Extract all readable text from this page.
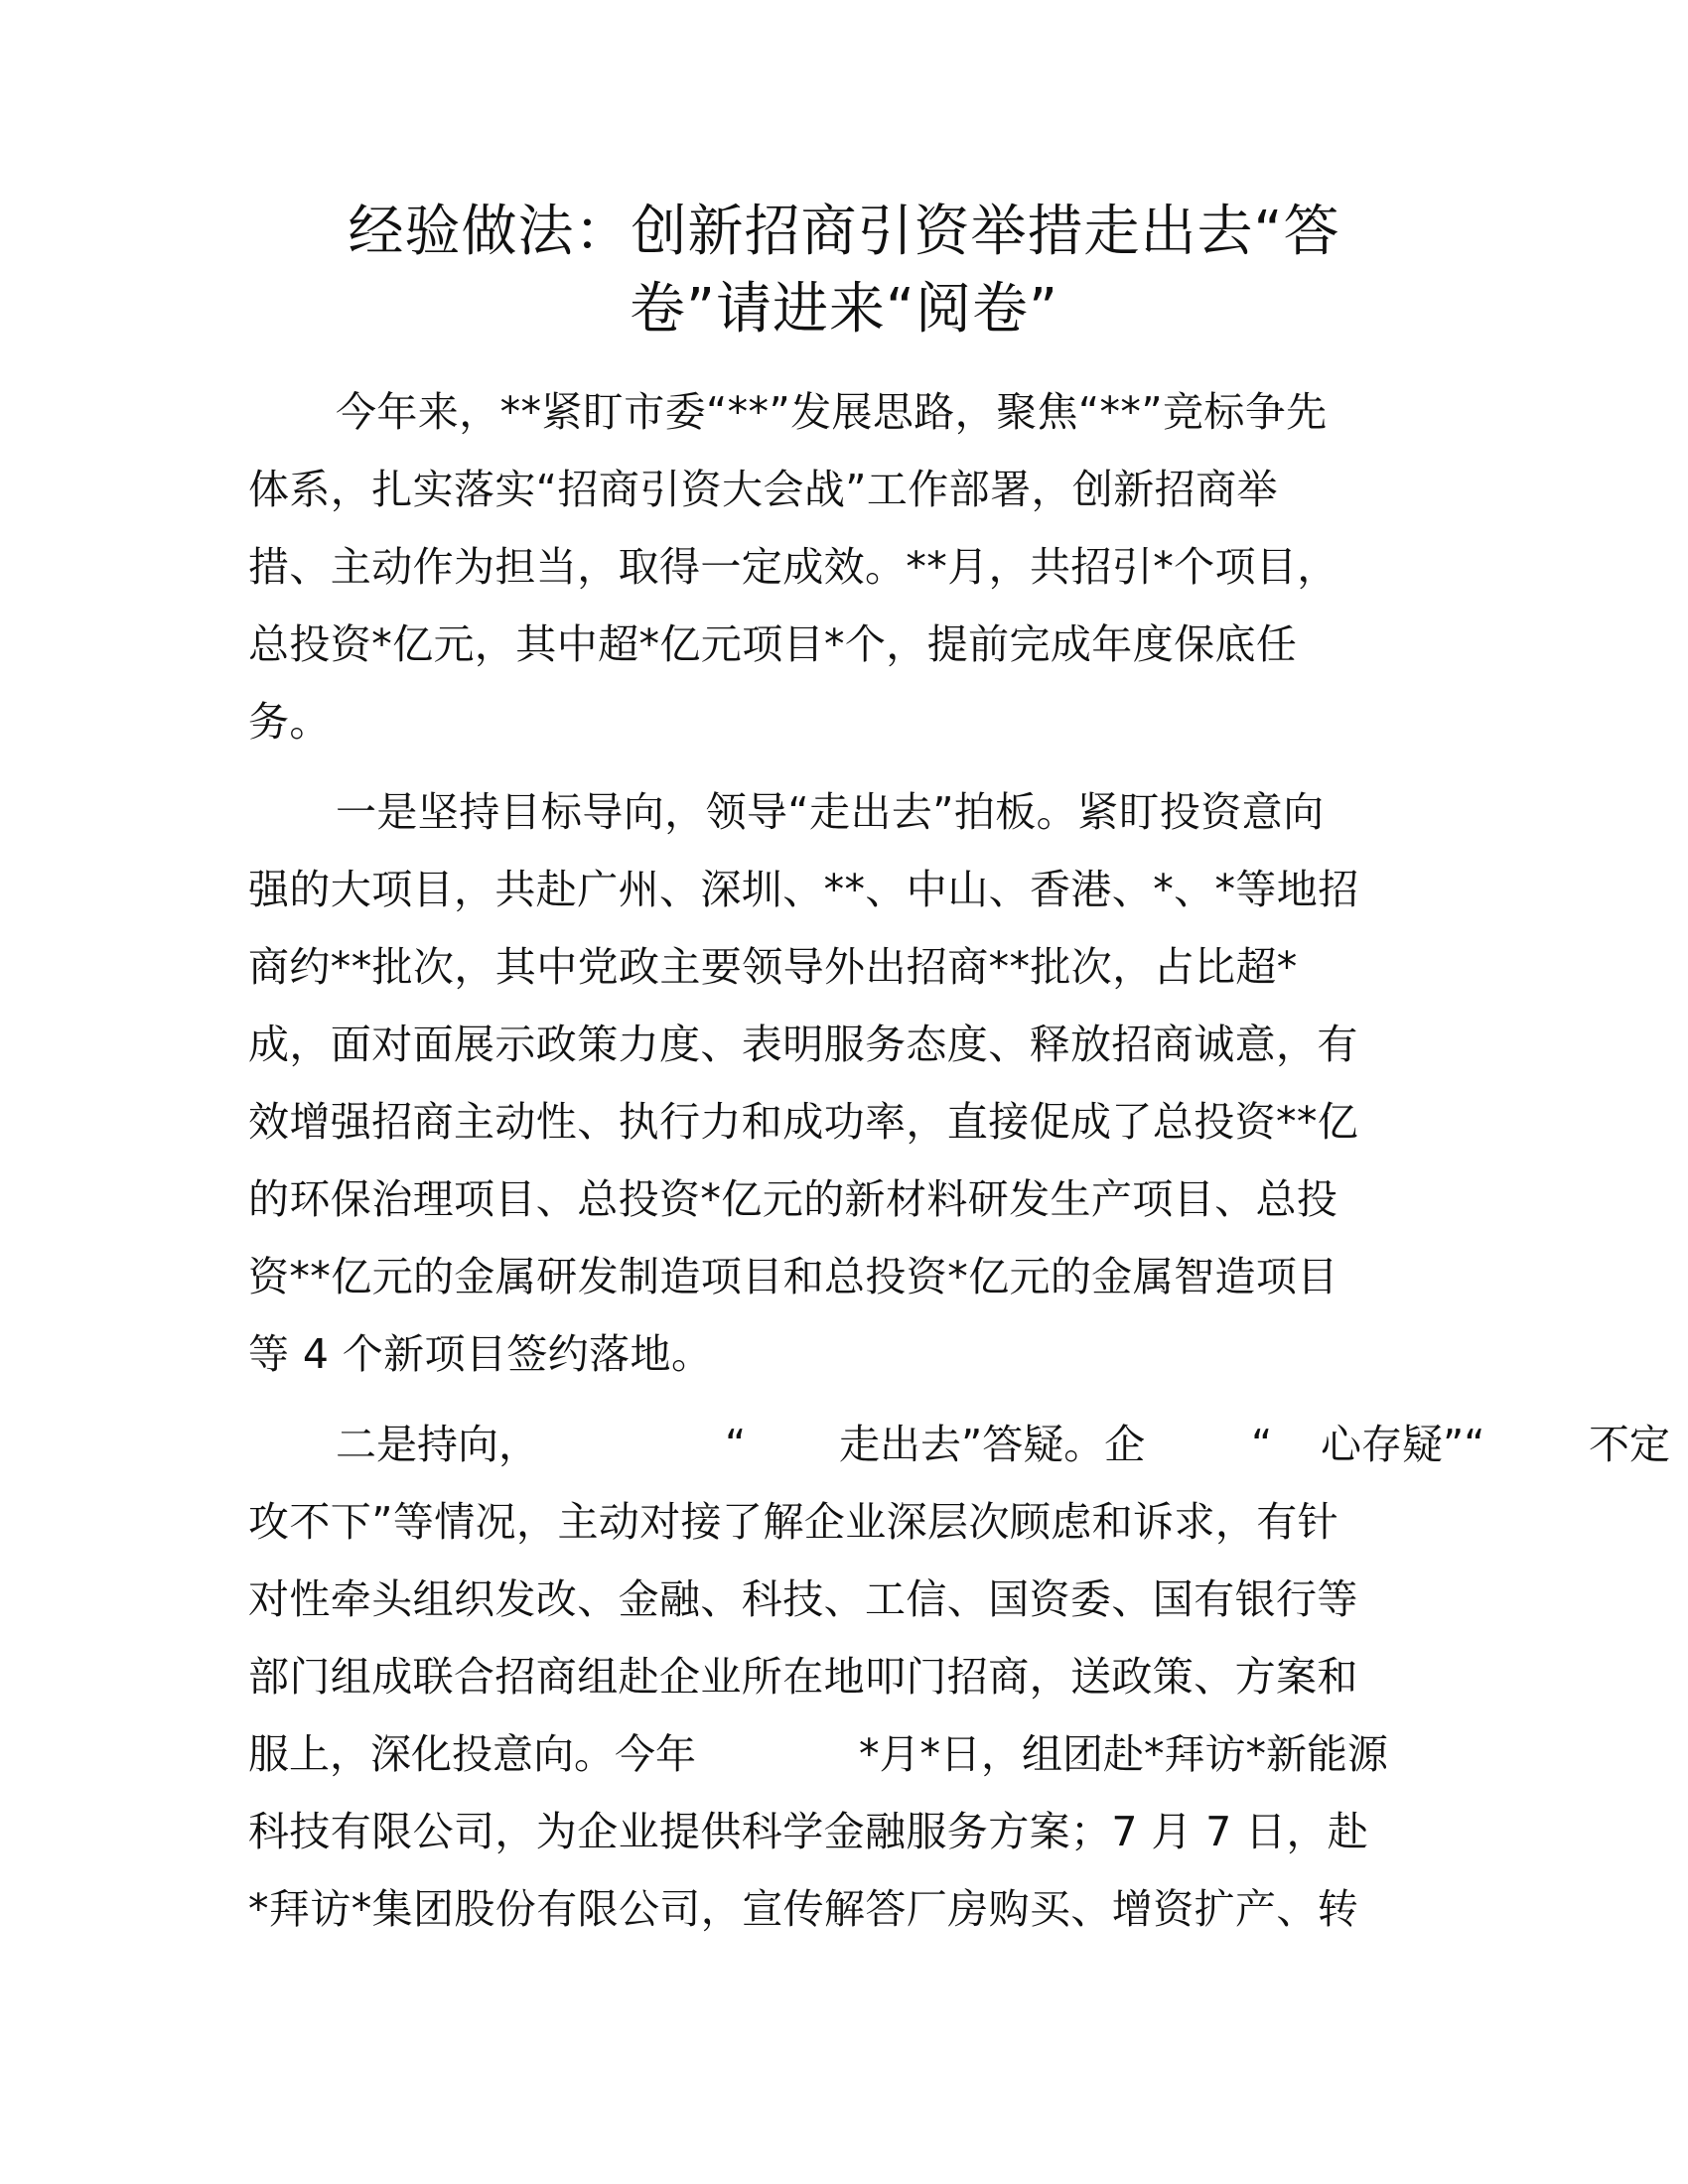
经验做法：创新招商引资举措走出去“答
卷”请进来“阅卷”

今年来，**紧盯市委“**”发展思路，聚焦“**”竞标争先

体系，扎实落实“招商引资大会战”工作部署，创新招商举

措、主动作为担当，取得一定成效。**月，共招引*个项目，

总投资*亿元，其中超*亿元项目*个，提前完成年度保底任

务。

一是坚持目标导向，领导“走出去”拍板。紧盯投资意向

强的大项目，共赴广州、深圳、**、中山、香港、*、*等地招

商约**批次，其中党政主要领导外出招商**批次，占比超*

成，面对面展示政策力度、表明服务态度、释放招商诚意，有

效增强招商主动性、执行力和成功率，直接促成了总投资**亿

的环保治理项目、总投资*亿元的新材料研发生产项目、总投

资**亿元的金属研发制造项目和总投资*亿元的金属智造项目

等 4 个新项目签约落地。

二是持向，	“ 走出去”答疑。企	“ 心存疑”“	不定

攻不下”等情况，主动对接了解企业深层次顾虑和诉求，有针

对性牵头组织发改、金融、科技、工信、国资委、国有银行等

部门组成联合招商组赴企业所在地叩门招商，送政策、方案和

服上，深化投意向。今年	*月*日，组团赴*拜访*新能源

科技有限公司，为企业提供科学金融服务方案；7 月 7 日，赴

*拜访*集团股份有限公司，宣传解答厂房购买、增资扩产、转
